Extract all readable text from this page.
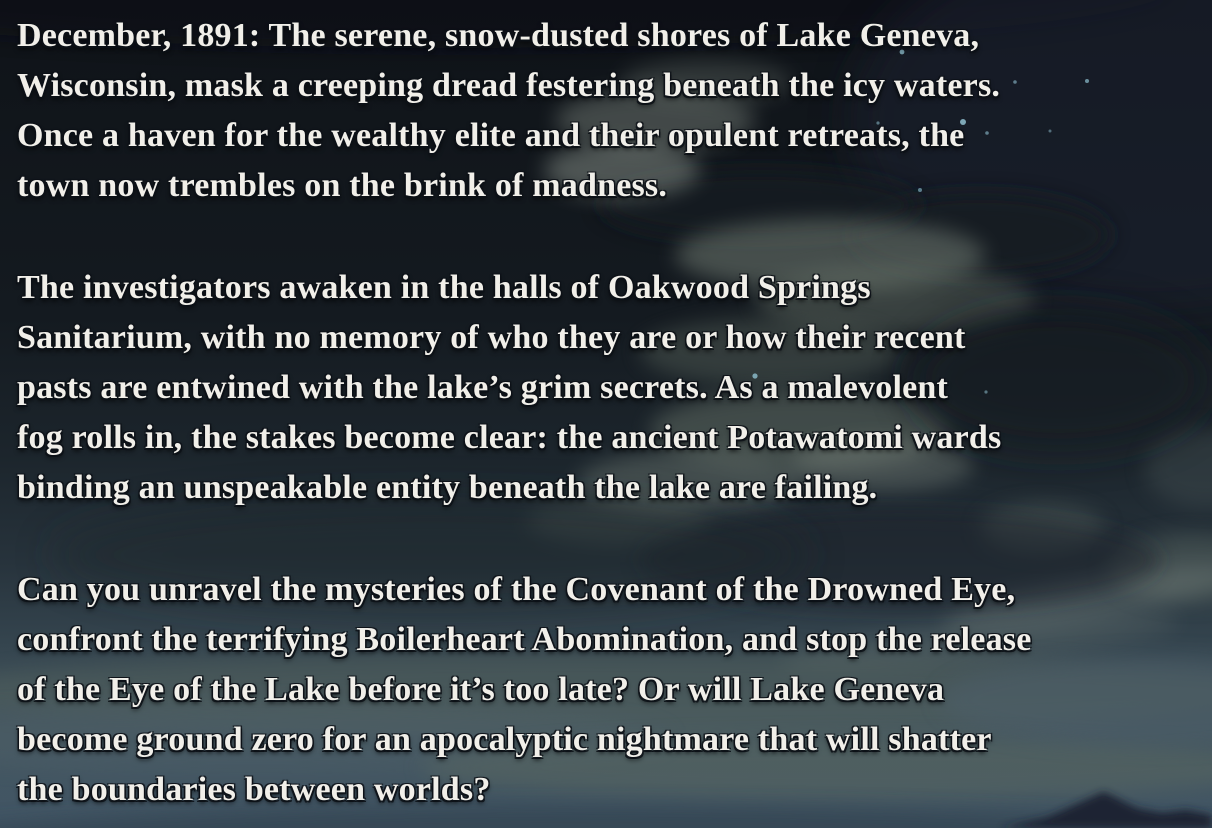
December, 1891: The serene, snow-dusted shores of Lake Geneva,
Wisconsin, mask a creeping dread festering beneath the icy waters.
Once a haven for the wealthy elite and their opulent retreats, the
town now trembles on the brink of madness.
The investigators awaken in the halls of Oakwood Springs
Sanitarium, with no memory of who they are or how their recent
pasts are entwined with the lake’s grim secrets. As a malevolent
fog rolls in, the stakes become clear: the ancient Potawatomi wards
binding an unspeakable entity beneath the lake are failing.
Can you unravel the mysteries of the Covenant of the Drowned Eye,
confront the terrifying Boilerheart Abomination, and stop the release
of the Eye of the Lake before it’s too late? Or will Lake Geneva
become ground zero for an apocalyptic nightmare that will shatter
the boundaries between worlds?
